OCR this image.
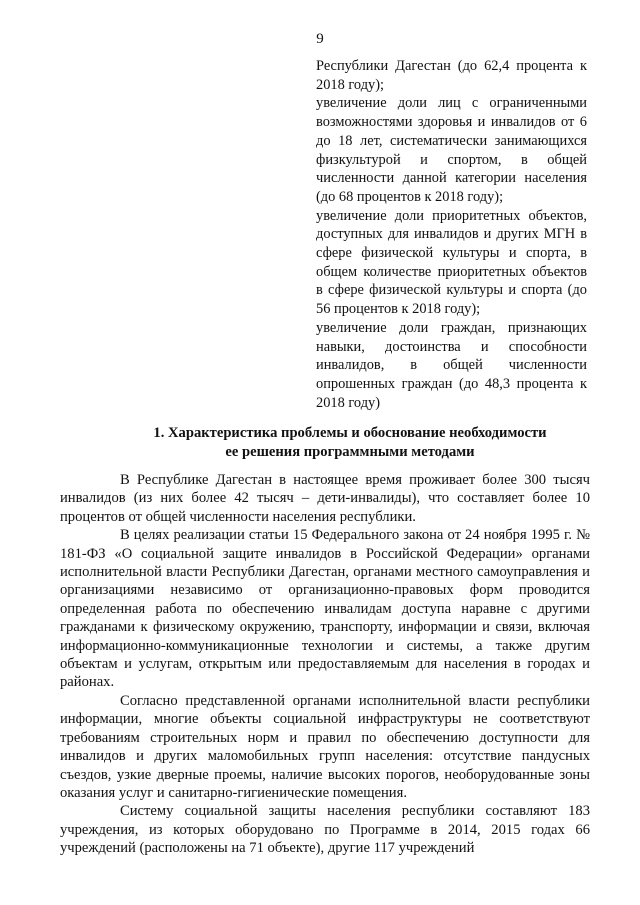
9
Республики Дагестан (до 62,4 процента к 2018 году);
увеличение доли лиц с ограниченными возможностями здоровья и инвалидов от 6 до 18 лет, систематически занимающихся физкультурой и спортом, в общей численности данной категории населения (до 68 процентов к 2018 году);
увеличение доли приоритетных объектов, доступных для инвалидов и других МГН в сфере физической культуры и спорта, в общем количестве приоритетных объектов в сфере физической культуры и спорта (до 56 процентов к 2018 году);
увеличение доли граждан, признающих навыки, достоинства и способности инвалидов, в общей численности опрошенных граждан (до 48,3 процента к 2018 году)
1. Характеристика проблемы и обоснование необходимости
ее решения программными методами

В Республике Дагестан в настоящее время проживает более 300 тысяч инвалидов (из них более 42 тысяч – дети-инвалиды), что составляет более 10 процентов от общей численности населения республики.

В целях реализации статьи 15 Федерального закона от 24 ноября 1995 г. № 181-ФЗ «О социальной защите инвалидов в Российской Федерации» органами исполнительной власти Республики Дагестан, органами местного самоуправления и организациями независимо от организационно-правовых форм проводится определенная работа по обеспечению инвалидам доступа наравне с другими гражданами к физическому окружению, транспорту, информации и связи, включая информационно-коммуникационные технологии и системы, а также другим объектам и услугам, открытым или предоставляемым для населения в городах и районах.

Согласно представленной органами исполнительной власти республики информации, многие объекты социальной инфраструктуры не соответствуют требованиям строительных норм и правил по обеспечению доступности для инвалидов и других маломобильных групп населения: отсутствие пандусных съездов, узкие дверные проемы, наличие высоких порогов, необорудованные зоны оказания услуг и санитарно-гигиенические помещения.

Систему социальной защиты населения республики составляют 183 учреждения, из которых оборудовано по Программе в 2014, 2015 годах 66 учреждений (расположены на 71 объекте), другие 117 учреждений
